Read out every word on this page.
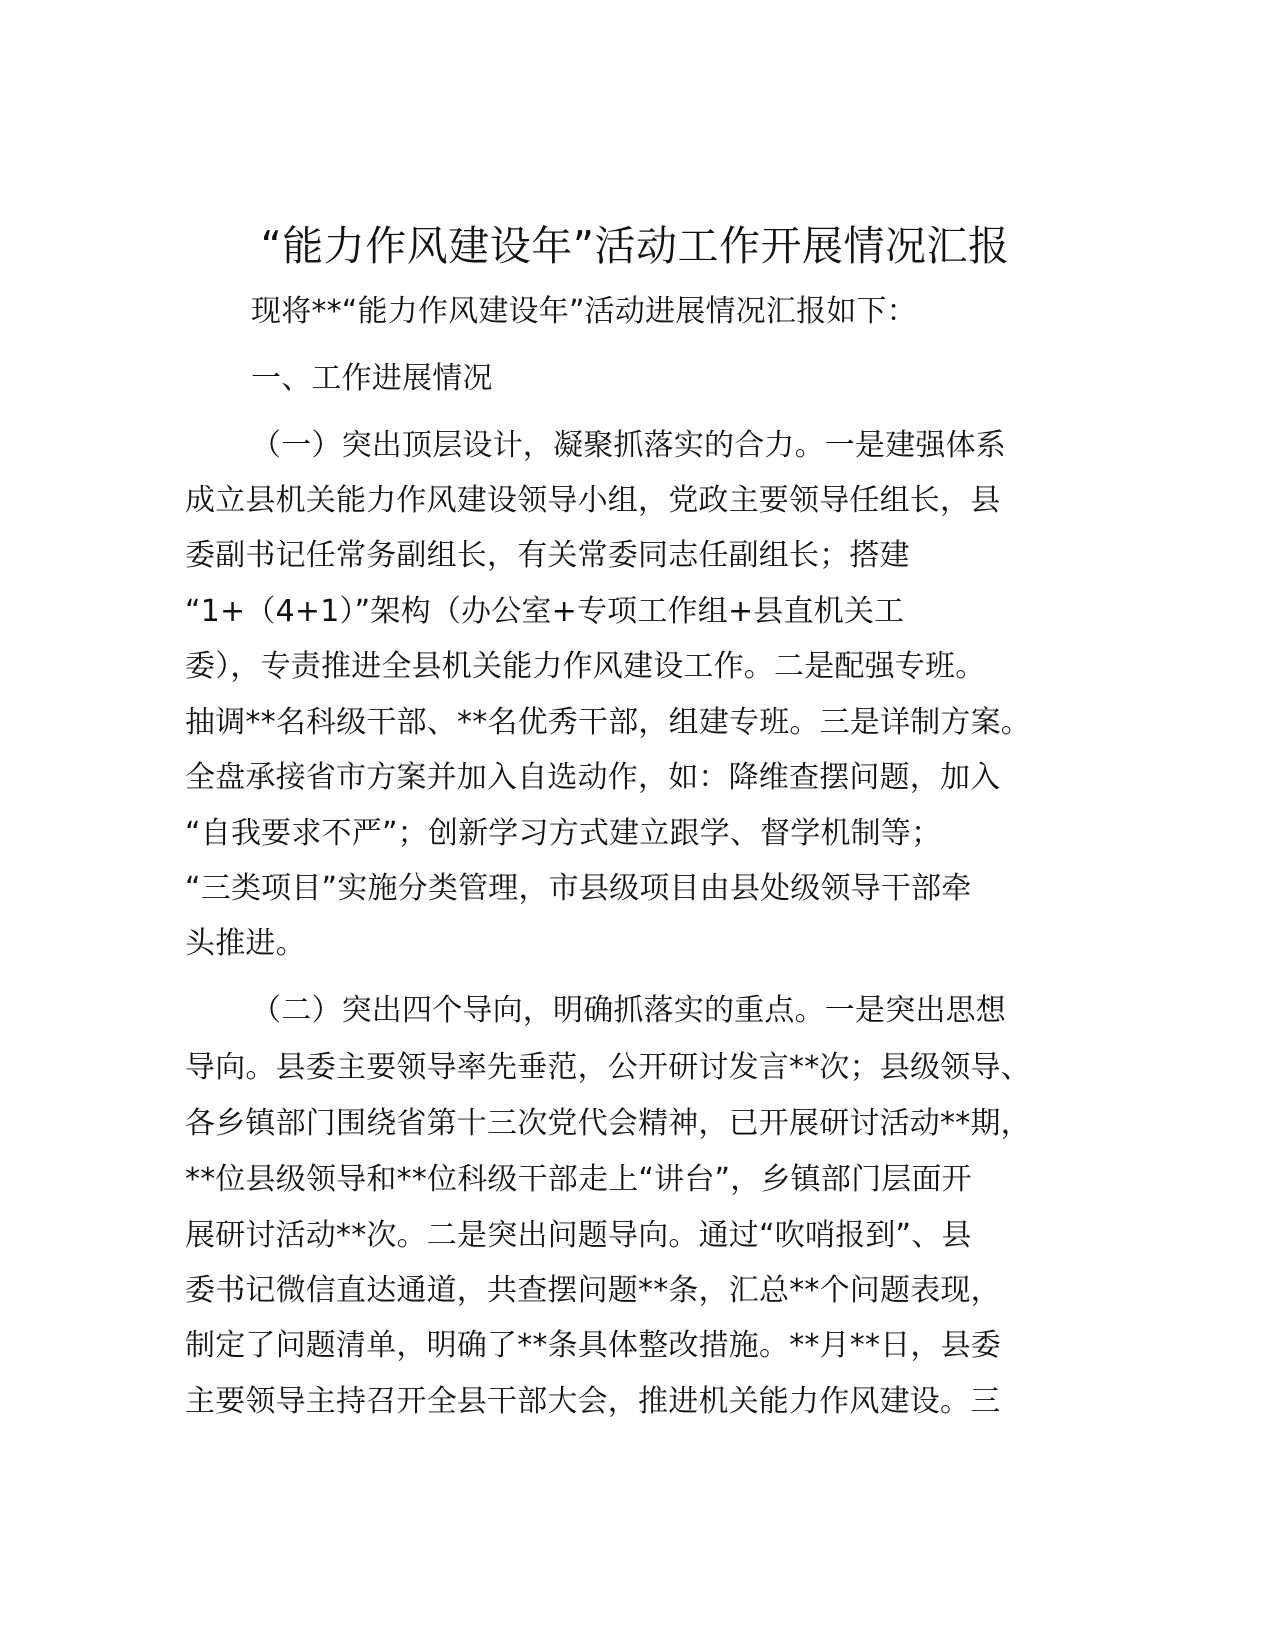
“能力作风建设年”活动工作开展情况汇报
现将**“能力作风建设年”活动进展情况汇报如下：
一、工作进展情况
（一）突出顶层设计，凝聚抓落实的合力。一是建强体系
成立县机关能力作风建设领导小组，党政主要领导任组长，县
委副书记任常务副组长，有关常委同志任副组长；搭建
“1+（4+1）”架构（办公室+专项工作组+县直机关工
委），专责推进全县机关能力作风建设工作。二是配强专班。
抽调**名科级干部、**名优秀干部，组建专班。三是详制方案。
全盘承接省市方案并加入自选动作，如：降维查摆问题，加入
“自我要求不严”；创新学习方式建立跟学、督学机制等；
“三类项目”实施分类管理，市县级项目由县处级领导干部牵
头推进。
（二）突出四个导向，明确抓落实的重点。一是突出思想
导向。县委主要领导率先垂范，公开研讨发言**次；县级领导、
各乡镇部门围绕省第十三次党代会精神，已开展研讨活动**期，
**位县级领导和**位科级干部走上“讲台”，乡镇部门层面开
展研讨活动**次。二是突出问题导向。通过“吹哨报到”、县
委书记微信直达通道，共查摆问题**条，汇总**个问题表现，
制定了问题清单，明确了**条具体整改措施。**月**日，县委
主要领导主持召开全县干部大会，推进机关能力作风建设。三
